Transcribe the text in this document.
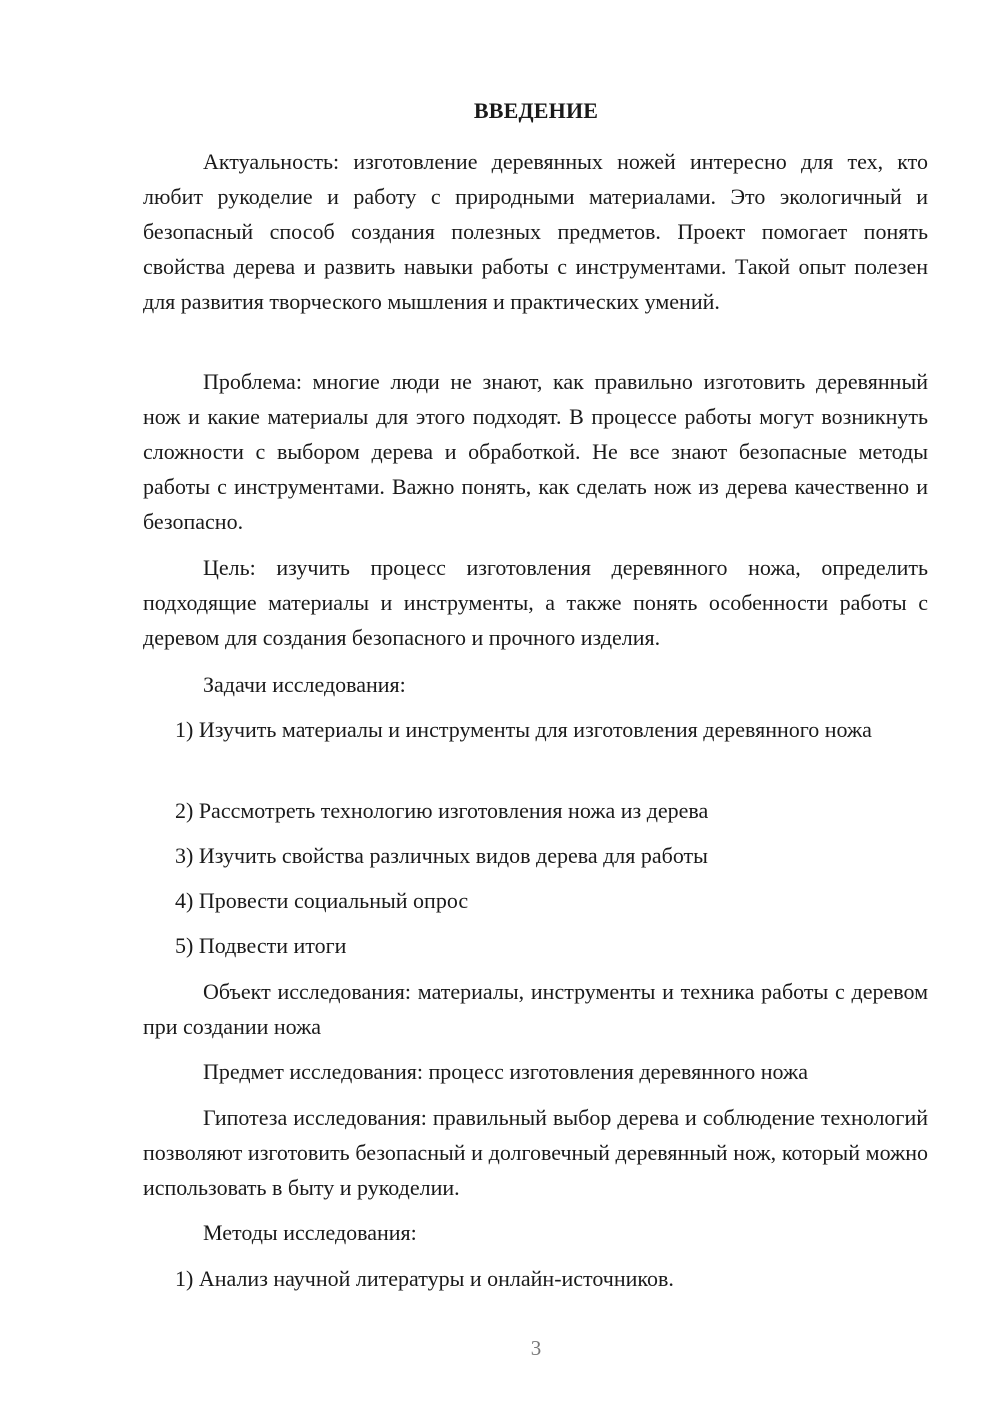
ВВЕДЕНИЕ

Актуальность: изготовление деревянных ножей интересно для тех, кто любит рукоделие и работу с природными материалами. Это экологичный и безопасный способ создания полезных предметов. Проект помогает понять свойства дерева и развить навыки работы с инструментами. Такой опыт полезен для развития творческого мышления и практических умений.

Проблема: многие люди не знают, как правильно изготовить деревянный нож и какие материалы для этого подходят. В процессе работы могут возникнуть сложности с выбором дерева и обработкой. Не все знают безопасные методы работы с инструментами. Важно понять, как сделать нож из дерева качественно и безопасно.

Цель: изучить процесс изготовления деревянного ножа, определить подходящие материалы и инструменты, а также понять особенности работы с деревом для создания безопасного и прочного изделия.

Задачи исследования:

1) Изучить материалы и инструменты для изготовления деревянного ножа

2) Рассмотреть технологию изготовления ножа из дерева

3) Изучить свойства различных видов дерева для работы

4) Провести социальный опрос

5) Подвести итоги

Объект исследования: материалы, инструменты и техника работы с деревом при создании ножа

Предмет исследования: процесс изготовления деревянного ножа

Гипотеза исследования: правильный выбор дерева и соблюдение технологий позволяют изготовить безопасный и долговечный деревянный нож, который можно использовать в быту и рукоделии.

Методы исследования:

1) Анализ научной литературы и онлайн-источников.

3
